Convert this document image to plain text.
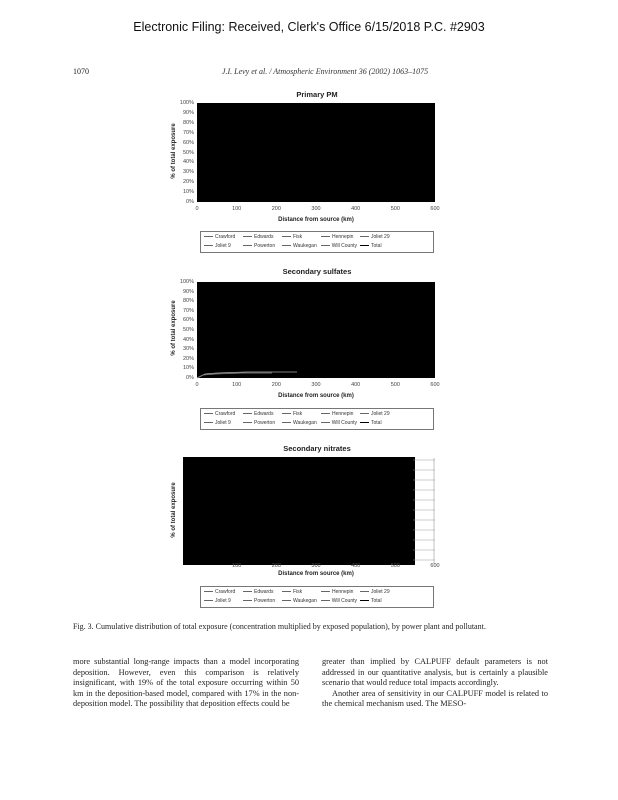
Electronic Filing: Received, Clerk's Office 6/15/2018 P.C. #2903
1070	J.I. Levy et al. / Atmospheric Environment 36 (2002) 1063–1075
Primary PM
100%
90%
80%
70%
60%
50%
40%
30%
20%
10%
0%
0	100	200	300	400	500	600
% of total exposure
Distance from source (km)
Crawford	Edwards	Fisk	Hennepin	Joliet 29
Joliet 9	Powerton	Waukegan	Will County	Total
Secondary sulfates
100%
90%
80%
70%
60%
50%
40%
30%
20%
10%
0%
0	100	200	300	400	500	600
% of total exposure
Distance from source (km)
Crawford	Edwards	Fisk	Hennepin	Joliet 29
Joliet 9	Powerton	Waukegan	Will County	Total
Secondary nitrates
100	200	300	400	500	600
% of total exposure
Distance from source (km)
Crawford	Edwards	Fisk	Hennepin	Joliet 29
Joliet 9	Powerton	Waukegan	Will County	Total
Fig. 3. Cumulative distribution of total exposure (concentration multiplied by exposed population), by power plant and pollutant.

more substantial long-range impacts than a model incorporating deposition. However, even this comparison is relatively insignificant, with 19% of the total exposure occurring within 50 km in the deposition-based model, compared with 17% in the non-deposition model. The possibility that deposition effects could be

greater than implied by CALPUFF default parameters is not addressed in our quantitative analysis, but is certainly a plausible scenario that would reduce total impacts accordingly.

Another area of sensitivity in our CALPUFF model is related to the chemical mechanism used. The MESO-
